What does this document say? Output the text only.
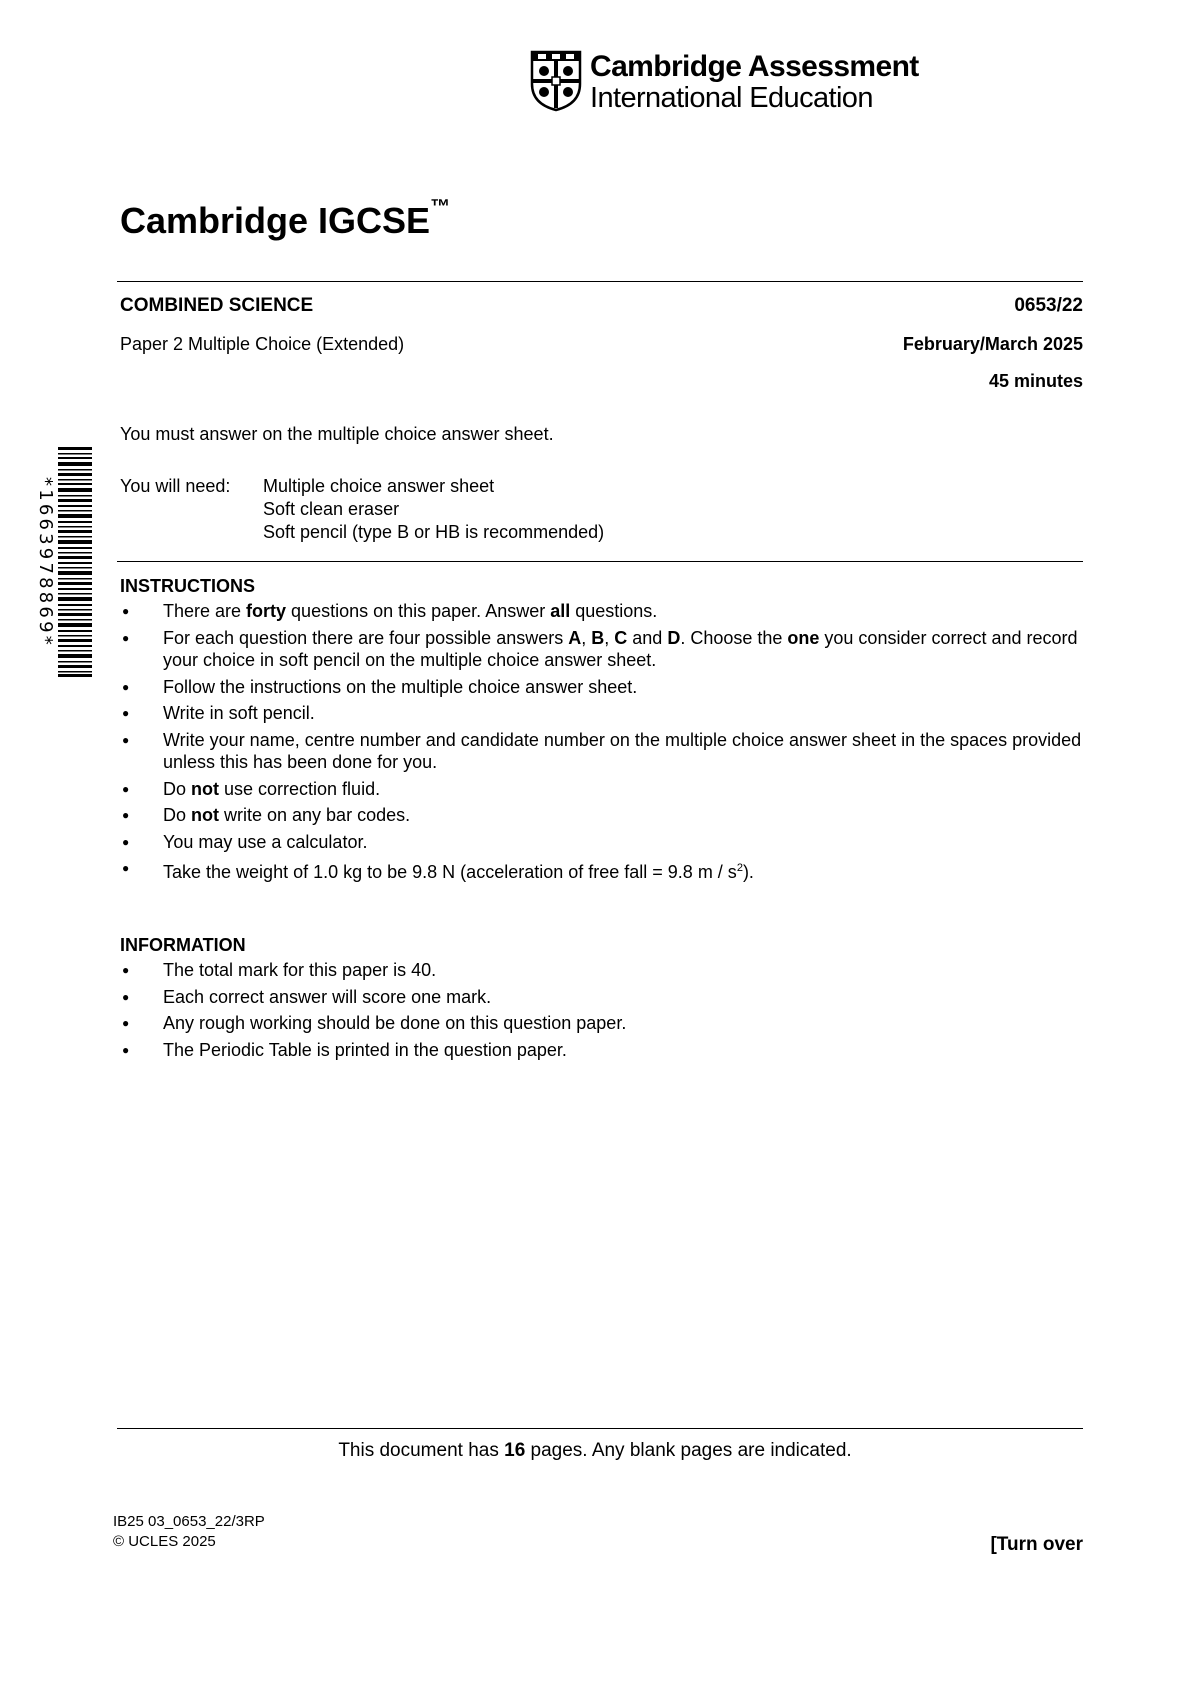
Cambridge Assessment
International Education
Cambridge IGCSE™
COMBINED SCIENCE	0653/22
Paper 2 Multiple Choice (Extended)	February/March 2025
45 minutes
You must answer on the multiple choice answer sheet.
You will need: Multiple choice answer sheet
Soft clean eraser
Soft pencil (type B or HB is recommended)
*1663978869*	INSTRUCTIONS
● There are forty questions on this paper. Answer all questions.
● For each question there are four possible answers A, B, C and D. Choose the one you consider correct and record your choice in soft pencil on the multiple choice answer sheet.
● Follow the instructions on the multiple choice answer sheet.
● Write in soft pencil.
● Write your name, centre number and candidate number on the multiple choice answer sheet in the spaces provided unless this has been done for you.
● Do not use correction fluid.
● Do not write on any bar codes.
● You may use a calculator.
● Take the weight of 1.0 kg to be 9.8 N (acceleration of free fall = 9.8 m / $s^2$).
INFORMATION
● The total mark for this paper is 40.
● Each correct answer will score one mark.
● Any rough working should be done on this question paper.
● The Periodic Table is printed in the question paper.
This document has 16 pages. Any blank pages are indicated.
IB25 03_0653_22/3RP
© UCLES 2025	[Turn over
